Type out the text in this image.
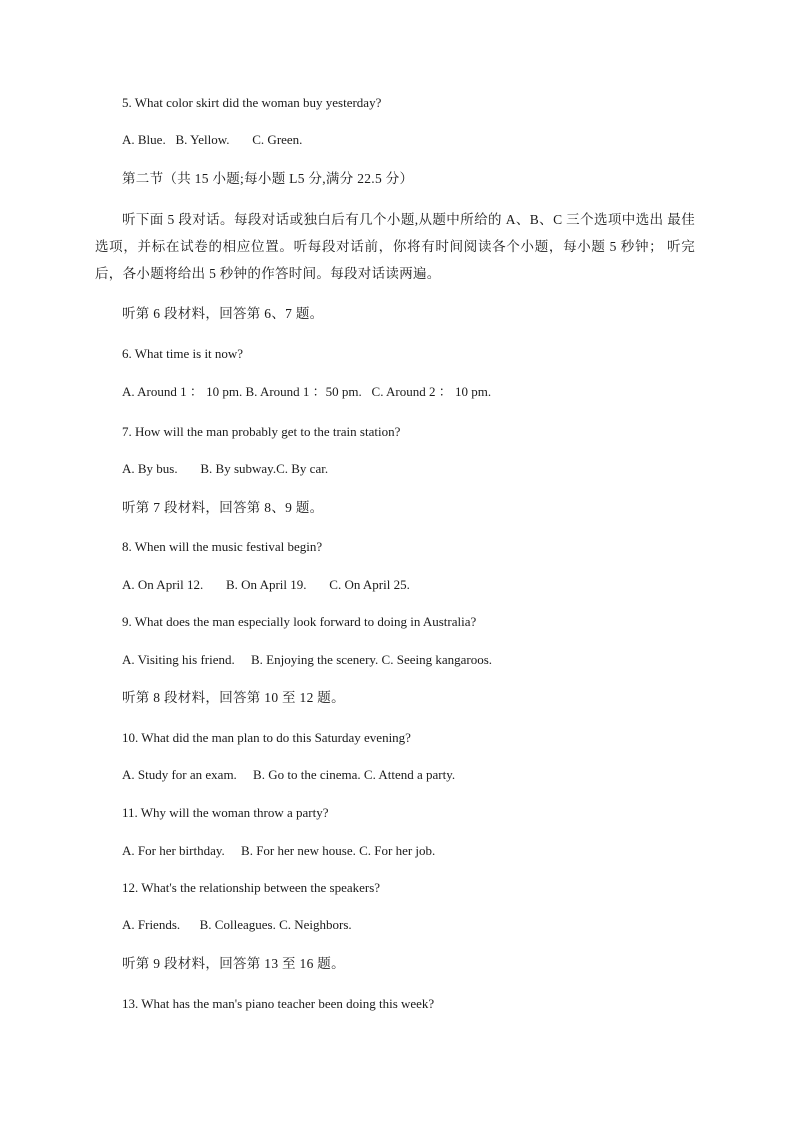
5. What color skirt did the woman buy yesterday?
A. Blue.   B. Yellow.       C. Green.
第二节（共 15 小题;每小题 L5 分,满分 22.5 分）
听下面 5 段对话。每段对话或独白后有几个小题,从题中所给的 A、B、C 三个选项中选出 最佳选项，并标在试卷的相应位置。听每段对话前，你将有时间阅读各个小题，每小题 5 秒钟； 听完后，各小题将给出 5 秒钟的作答时间。每段对话读两遍。
听第 6 段材料，回答第 6、7 题。
6. What time is it now?
A. Around 1 ： 10 pm. B. Around 1 ：50 pm.   C. Around 2 ： 10 pm.
7. How will the man probably get to the train station?
A. By bus.       B. By subway.C. By car.
听第 7 段材料，回答第 8、9 题。
8. When will the music festival begin?
A. On April 12.       B. On April 19.       C. On April 25.
9. What does the man especially look forward to doing in Australia?
A. Visiting his friend.     B. Enjoying the scenery. C. Seeing kangaroos.
听第 8 段材料，回答第 10 至 12 题。
10. What did the man plan to do this Saturday evening?
A. Study for an exam.     B. Go to the cinema. C. Attend a party.
11. Why will the woman throw a party?
A. For her birthday.     B. For her new house. C. For her job.
12. What's the relationship between the speakers?
A. Friends.      B. Colleagues. C. Neighbors.
听第 9 段材料，回答第 13 至 16 题。
13. What has the man's piano teacher been doing this week?
